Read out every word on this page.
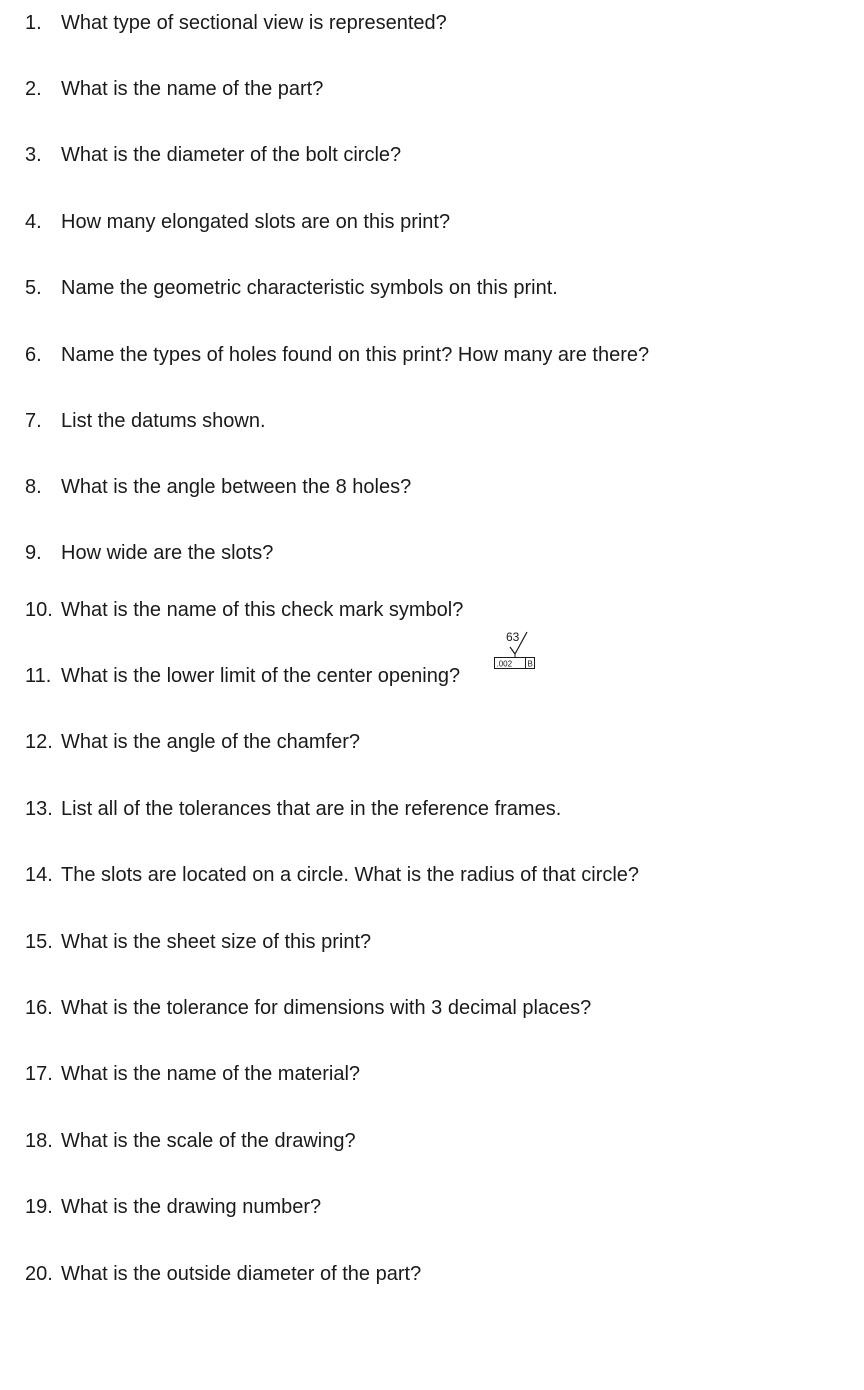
1. What type of sectional view is represented?
2. What is the name of the part?
3. What is the diameter of the bolt circle?
4. How many elongated slots are on this print?
5. Name the geometric characteristic symbols on this print.
6. Name the types of holes found on this print? How many are there?
7. List the datums shown.
8. What is the angle between the 8 holes?
9. How wide are the slots?
10. What is the name of this check mark symbol?
11. What is the lower limit of the center opening?
12. What is the angle of the chamfer?
13. List all of the tolerances that are in the reference frames.
14. The slots are located on a circle. What is the radius of that circle?
15. What is the sheet size of this print?
16. What is the tolerance for dimensions with 3 decimal places?
17. What is the name of the material?
18. What is the scale of the drawing?
19. What is the drawing number?
20. What is the outside diameter of the part?
63
.002 B
